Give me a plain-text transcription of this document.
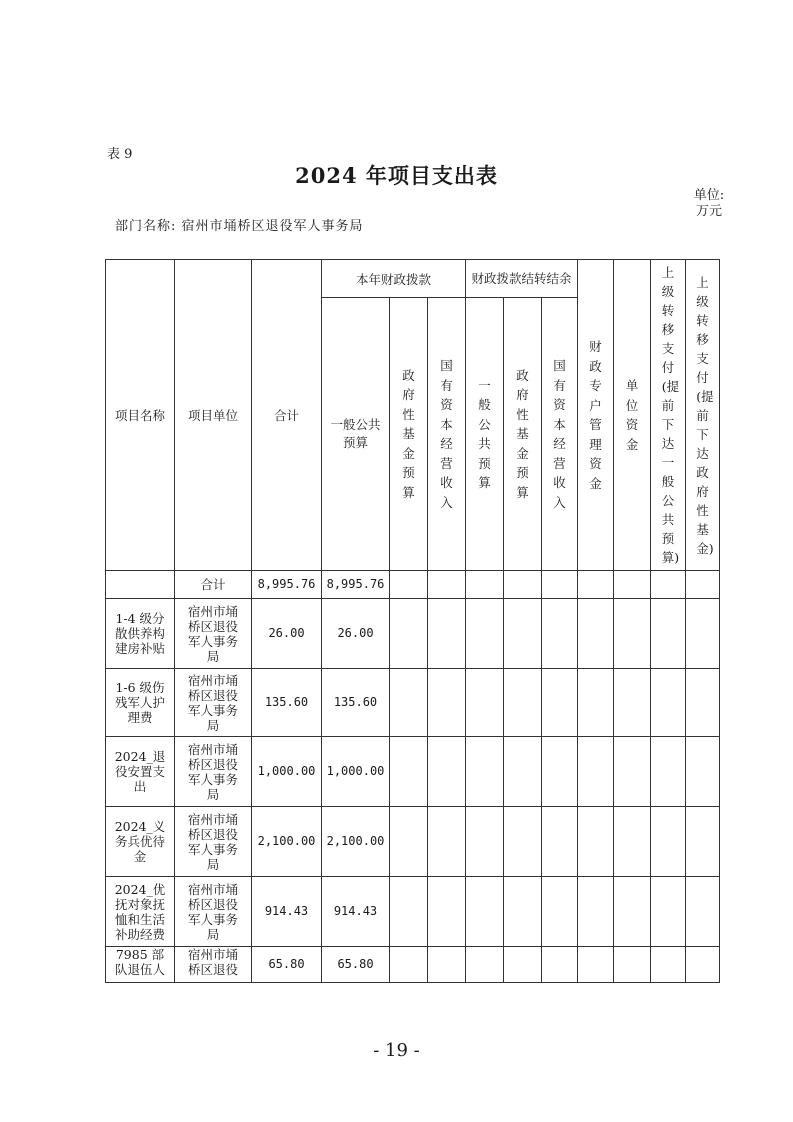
表 9
2024 年项目支出表
部门名称: 宿州市埇桥区退役军人事务局
单位:万元
项目名称	项目单位	合计	本年财政拨款			财政拨款结转结余			财政专户管理资金	单位资金	上级转移支付(提前下达一般公共预算)	上级转移支付(提前下达政府性基金)

			一般公共预算	政府性基金预算	国有资本经营收入	一般公共预算	政府性基金预算	国有资本经营收入				

	合计	8,995.76	8,995.76									

1-4 级分散供养构建房补贴	宿州市埇桥区退役军人事务局	26.00	26.00									

1-6 级伤残军人护理费	宿州市埇桥区退役军人事务局	135.60	135.60									

2024_退役安置支出	宿州市埇桥区退役军人事务局	1,000.00	1,000.00									

2024_义务兵优待金	宿州市埇桥区退役军人事务局	2,100.00	2,100.00									

2024_优抚对象抚恤和生活补助经费	宿州市埇桥区退役军人事务局	914.43	914.43									

7985 部队退伍人	宿州市埇桥区退役	65.80	65.80									
- 19 -
